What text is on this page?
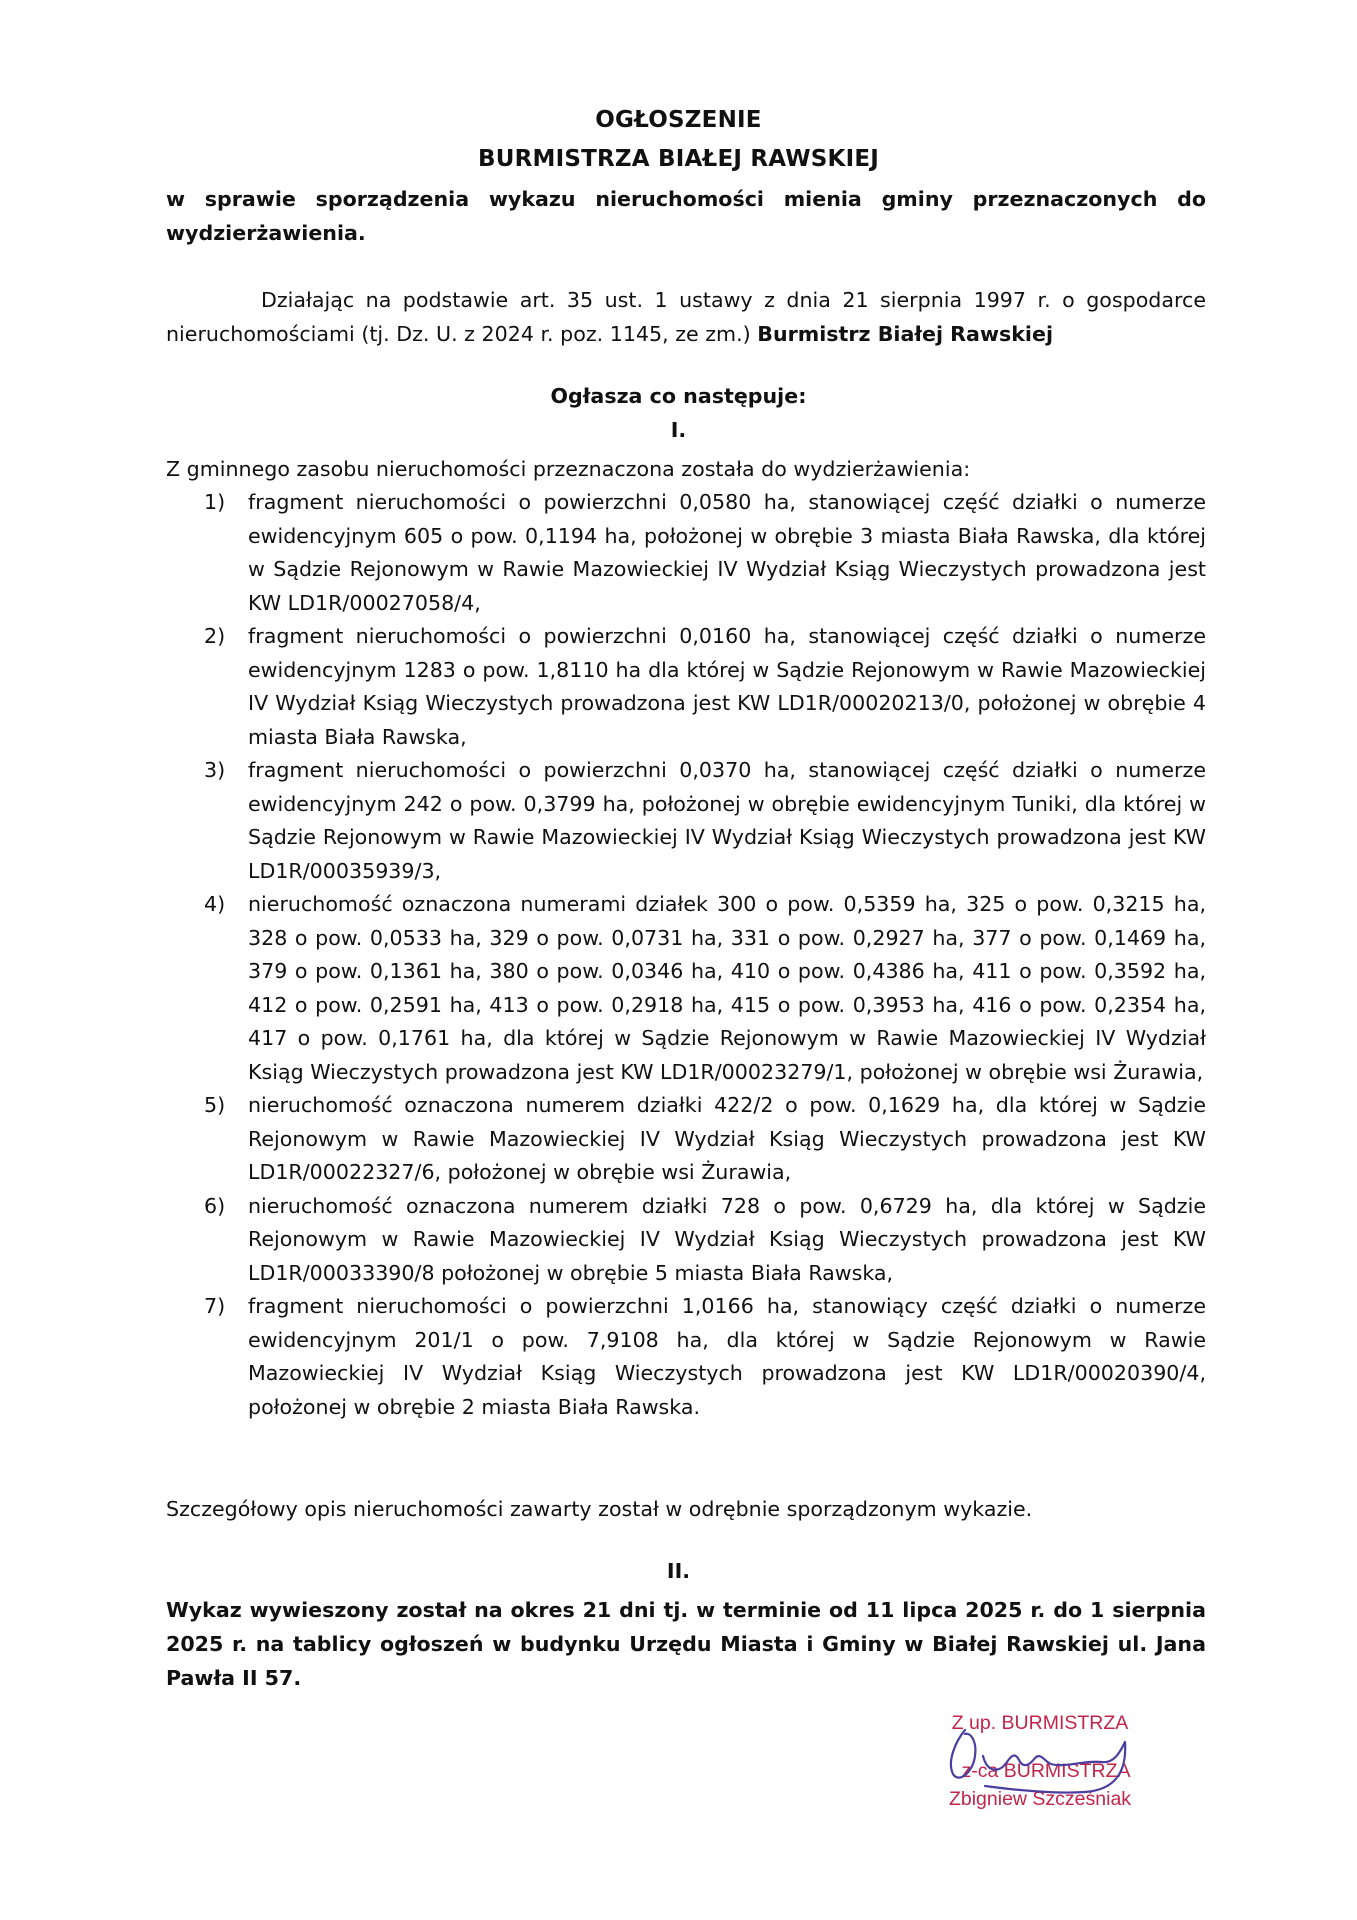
OGŁOSZENIE
BURMISTRZA BIAŁEJ RAWSKIEJ
w sprawie sporządzenia wykazu nieruchomości mienia gminy przeznaczonych do wydzierżawienia.
Działając na podstawie art. 35 ust. 1 ustawy z dnia 21 sierpnia 1997 r. o gospodarce nieruchomościami (tj. Dz. U. z 2024 r. poz. 1145, ze zm.) Burmistrz Białej Rawskiej
Ogłasza co następuje:
I.
Z gminnego zasobu nieruchomości przeznaczona została do wydzierżawienia:
1) fragment nieruchomości o powierzchni 0,0580 ha, stanowiącej część działki o numerze ewidencyjnym 605 o pow. 0,1194 ha, położonej w obrębie 3 miasta Biała Rawska, dla której w Sądzie Rejonowym w Rawie Mazowieckiej IV Wydział Ksiąg Wieczystych prowadzona jest KW LD1R/00027058/4,
2) fragment nieruchomości o powierzchni 0,0160 ha, stanowiącej część działki o numerze ewidencyjnym 1283 o pow. 1,8110 ha dla której w Sądzie Rejonowym w Rawie Mazowieckiej IV Wydział Ksiąg Wieczystych prowadzona jest KW LD1R/00020213/0, położonej w obrębie 4 miasta Biała Rawska,
3) fragment nieruchomości o powierzchni 0,0370 ha, stanowiącej część działki o numerze ewidencyjnym 242 o pow. 0,3799 ha, położonej w obrębie ewidencyjnym Tuniki, dla której w Sądzie Rejonowym w Rawie Mazowieckiej IV Wydział Ksiąg Wieczystych prowadzona jest KW LD1R/00035939/3,
4) nieruchomość oznaczona numerami działek 300 o pow. 0,5359 ha, 325 o pow. 0,3215 ha, 328 o pow. 0,0533 ha, 329 o pow. 0,0731 ha, 331 o pow. 0,2927 ha, 377 o pow. 0,1469 ha, 379 o pow. 0,1361 ha, 380 o pow. 0,0346 ha, 410 o pow. 0,4386 ha, 411 o pow. 0,3592 ha, 412 o pow. 0,2591 ha, 413 o pow. 0,2918 ha, 415 o pow. 0,3953 ha, 416 o pow. 0,2354 ha, 417 o pow. 0,1761 ha, dla której w Sądzie Rejonowym w Rawie Mazowieckiej IV Wydział Ksiąg Wieczystych prowadzona jest KW LD1R/00023279/1, położonej w obrębie wsi Żurawia,
5) nieruchomość oznaczona numerem działki 422/2 o pow. 0,1629 ha, dla której w Sądzie Rejonowym w Rawie Mazowieckiej IV Wydział Ksiąg Wieczystych prowadzona jest KW LD1R/00022327/6, położonej w obrębie wsi Żurawia,
6) nieruchomość oznaczona numerem działki 728 o pow. 0,6729 ha, dla której w Sądzie Rejonowym w Rawie Mazowieckiej IV Wydział Ksiąg Wieczystych prowadzona jest KW LD1R/00033390/8 położonej w obrębie 5 miasta Biała Rawska,
7) fragment nieruchomości o powierzchni 1,0166 ha, stanowiący część działki o numerze ewidencyjnym 201/1 o pow. 7,9108 ha, dla której w Sądzie Rejonowym w Rawie Mazowieckiej IV Wydział Ksiąg Wieczystych prowadzona jest KW LD1R/00020390/4, położonej w obrębie 2 miasta Biała Rawska.
Szczegółowy opis nieruchomości zawarty został w odrębnie sporządzonym wykazie.
II.
Wykaz wywieszony został na okres 21 dni tj. w terminie od 11 lipca 2025 r. do 1 sierpnia 2025 r. na tablicy ogłoszeń w budynku Urzędu Miasta i Gminy w Białej Rawskiej ul. Jana Pawła II 57.
Z up. BURMISTRZA
z-ca BURMISTRZA
Zbigniew Szcześniak
